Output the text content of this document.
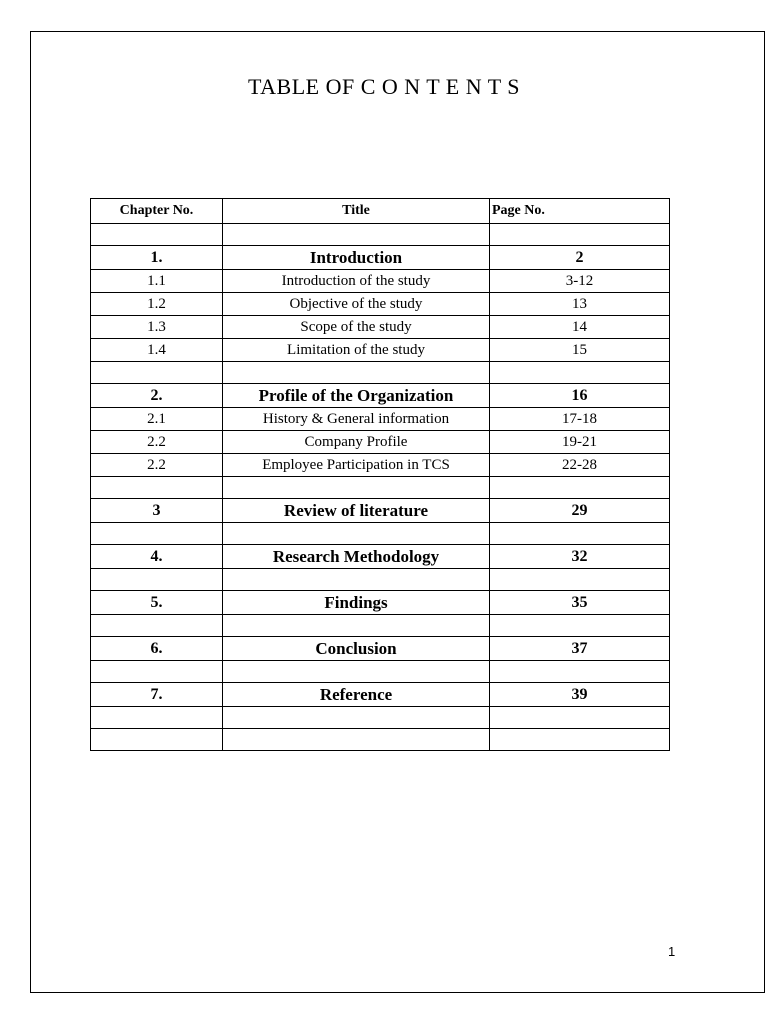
TABLE OF C O N T E N T S
Chapter No.	Title	Page No.

1.	Introduction	2
1.1	Introduction of the study	3-12
1.2	Objective of the study	13
1.3	Scope of the study	14
1.4	Limitation of the study	15

2.	Profile of the Organization	16
2.1	History & General information	17-18
2.2	Company Profile	19-21
2.2	Employee Participation in TCS	22-28

3	Review of literature	29

4.	Research Methodology	32

5.	Findings	35

6.	Conclusion	37

7.	Reference	39

1
